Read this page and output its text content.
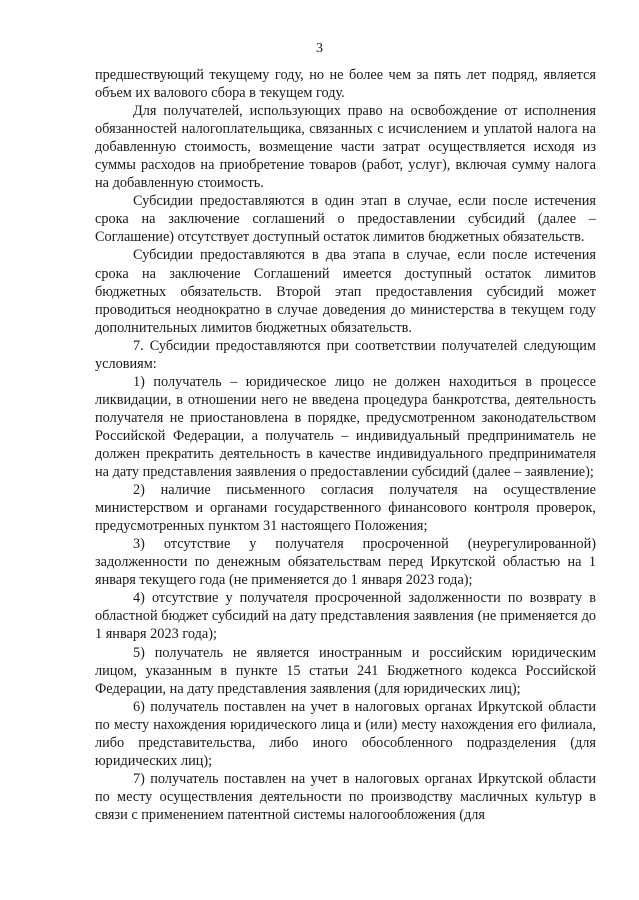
3

предшествующий текущему году, но не более чем за пять лет подряд, является объем их валового сбора в текущем году.

Для получателей, использующих право на освобождение от исполнения обязанностей налогоплательщика, связанных с исчислением и уплатой налога на добавленную стоимость, возмещение части затрат осуществляется исходя из суммы расходов на приобретение товаров (работ, услуг), включая сумму налога на добавленную стоимость.

Субсидии предоставляются в один этап в случае, если после истечения срока на заключение соглашений о предоставлении субсидий (далее – Соглашение) отсутствует доступный остаток лимитов бюджетных обязательств.

Субсидии предоставляются в два этапа в случае, если после истечения срока на заключение Соглашений имеется доступный остаток лимитов бюджетных обязательств. Второй этап предоставления субсидий может проводиться неоднократно в случае доведения до министерства в текущем году дополнительных лимитов бюджетных обязательств.

7. Субсидии предоставляются при соответствии получателей следующим условиям:

1) получатель – юридическое лицо не должен находиться в процессе ликвидации, в отношении него не введена процедура банкротства, деятельность получателя не приостановлена в порядке, предусмотренном законодательством Российской Федерации, а получатель – индивидуальный предприниматель не должен прекратить деятельность в качестве индивидуального предпринимателя на дату представления заявления о предоставлении субсидий (далее – заявление);

2) наличие письменного согласия получателя на осуществление министерством и органами государственного финансового контроля проверок, предусмотренных пунктом 31 настоящего Положения;

3) отсутствие у получателя просроченной (неурегулированной) задолженности по денежным обязательствам перед Иркутской областью на 1 января текущего года (не применяется до 1 января 2023 года);

4) отсутствие у получателя просроченной задолженности по возврату в областной бюджет субсидий на дату представления заявления (не применяется до 1 января 2023 года);

5) получатель не является иностранным и российским юридическим лицом, указанным в пункте 15 статьи 241 Бюджетного кодекса Российской Федерации, на дату представления заявления (для юридических лиц);

6) получатель поставлен на учет в налоговых органах Иркутской области по месту нахождения юридического лица и (или) месту нахождения его филиала, либо представительства, либо иного обособленного подразделения (для юридических лиц);

7) получатель поставлен на учет в налоговых органах Иркутской области по месту осуществления деятельности по производству масличных культур в связи с применением патентной системы налогообложения (для
